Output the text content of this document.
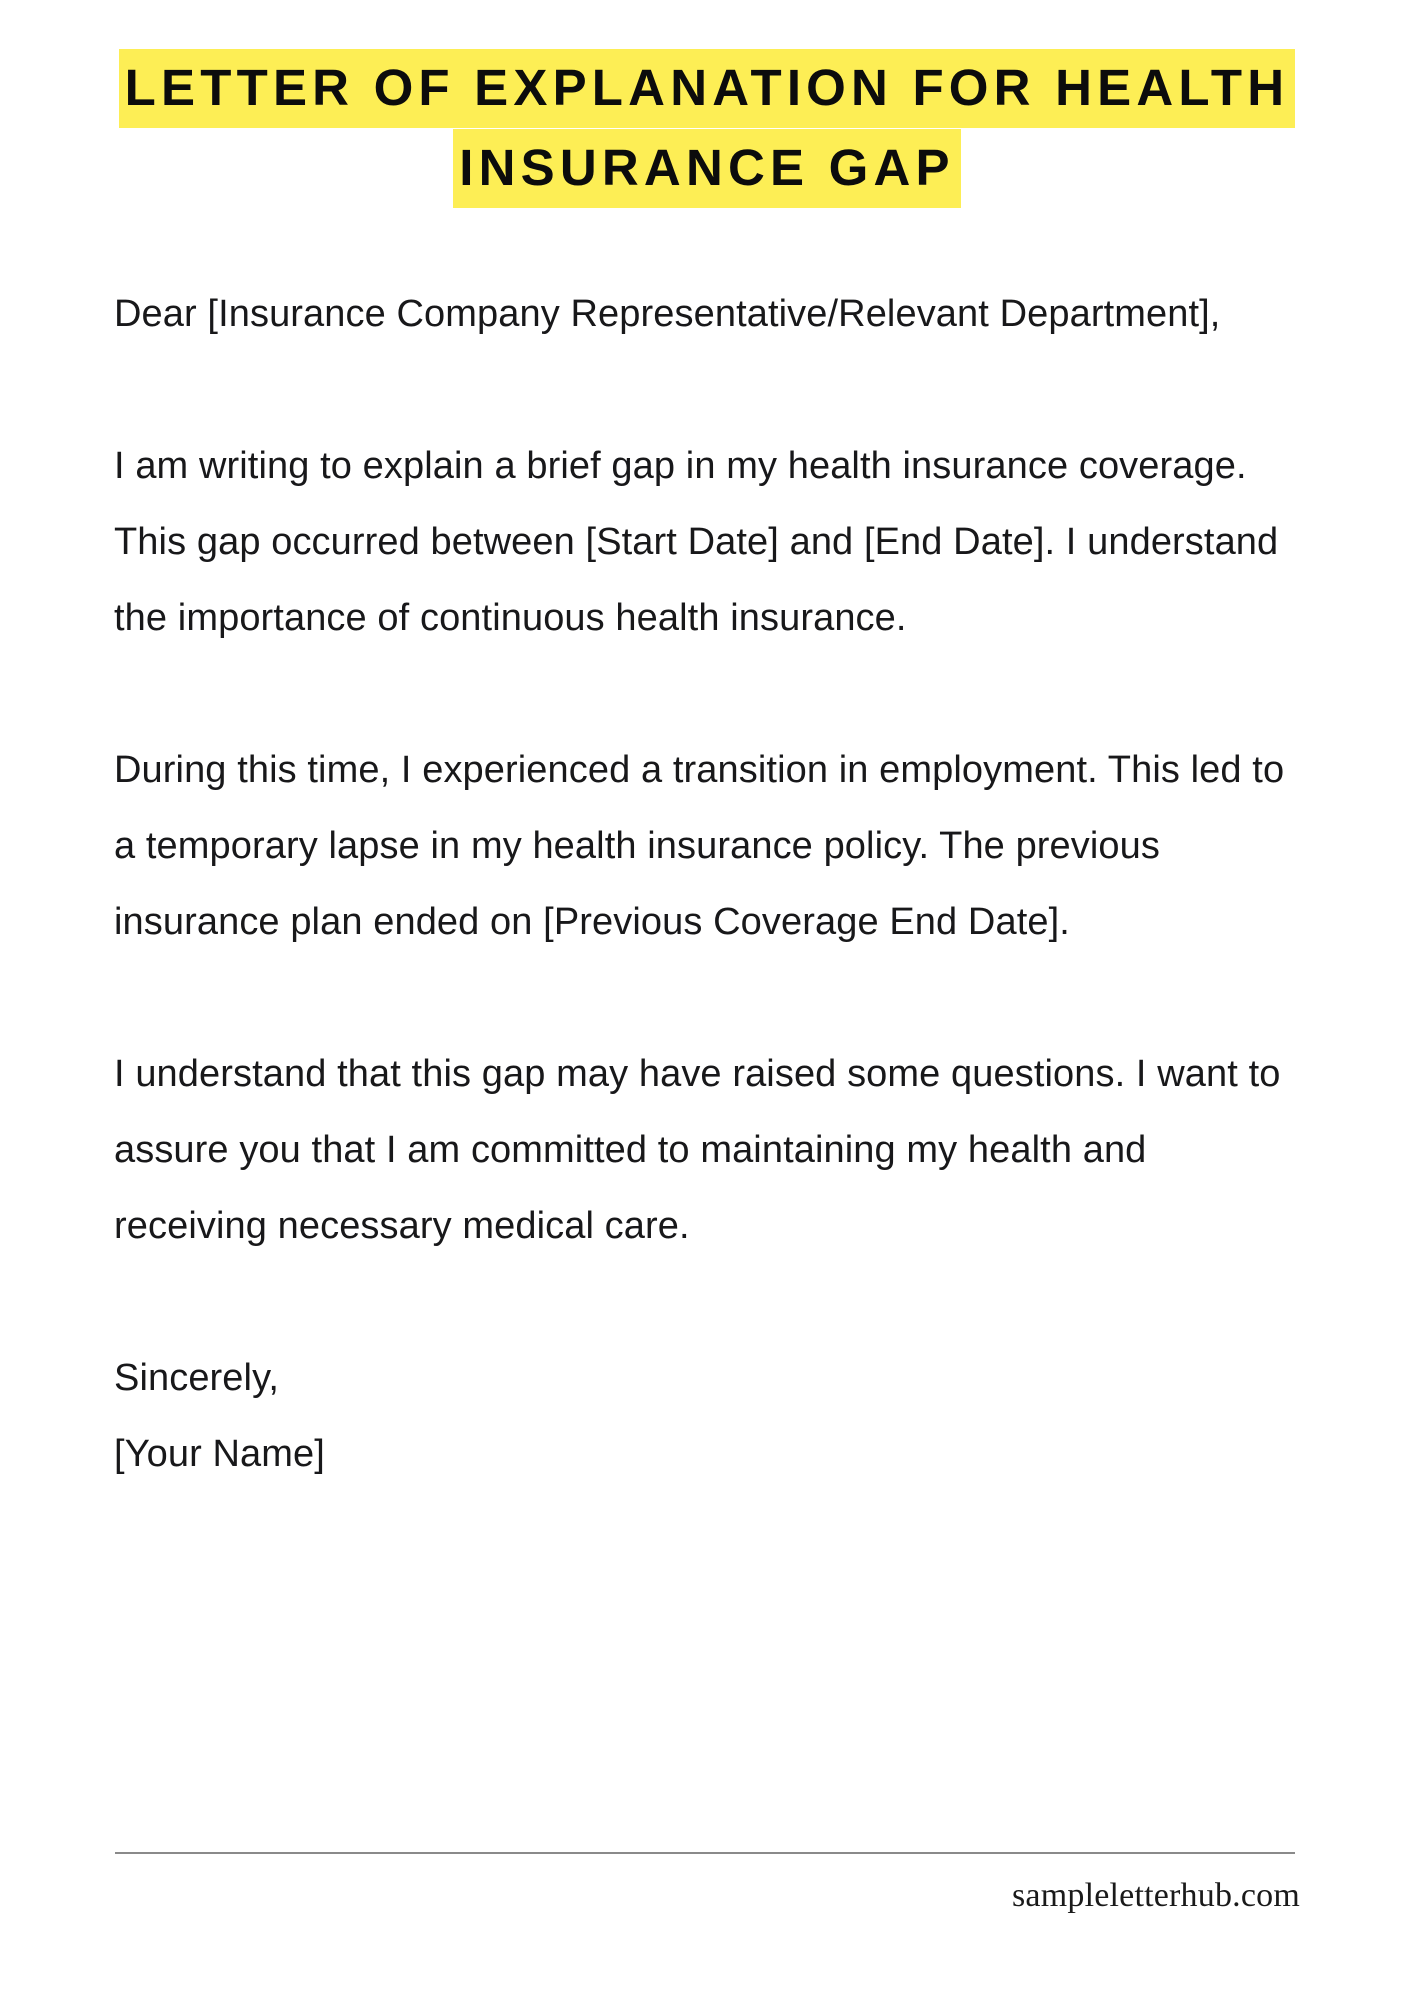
LETTER OF EXPLANATION FOR HEALTH
INSURANCE GAP

Dear [Insurance Company Representative/Relevant Department],

I am writing to explain a brief gap in my health insurance coverage. This gap occurred between [Start Date] and [End Date]. I understand the importance of continuous health insurance.

During this time, I experienced a transition in employment. This led to a temporary lapse in my health insurance policy. The previous insurance plan ended on [Previous Coverage End Date].

I understand that this gap may have raised some questions. I want to assure you that I am committed to maintaining my health and receiving necessary medical care.

Sincerely,
[Your Name]

sampleletterhub.com
